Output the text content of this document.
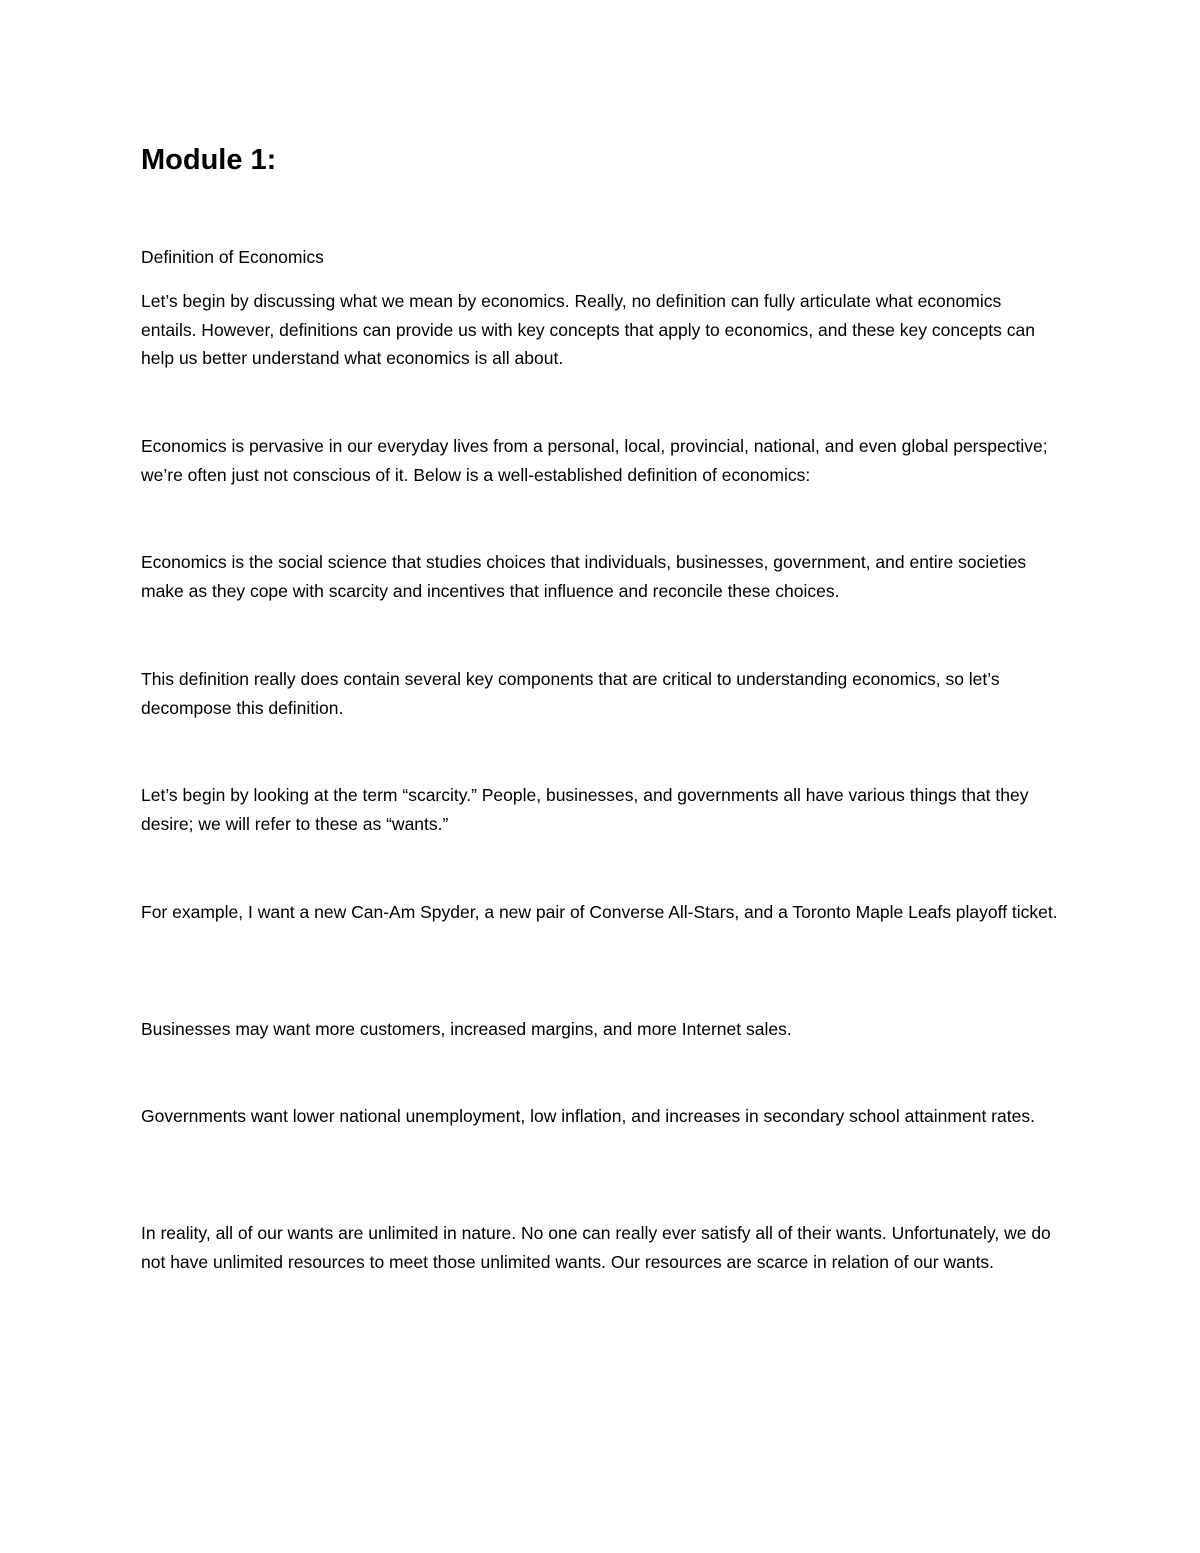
Module 1:

Definition of Economics

Let’s begin by discussing what we mean by economics. Really, no definition can fully articulate what economics entails. However, definitions can provide us with key concepts that apply to economics, and these key concepts can help us better understand what economics is all about.

Economics is pervasive in our everyday lives from a personal, local, provincial, national, and even global perspective; we’re often just not conscious of it. Below is a well-established definition of economics:

Economics is the social science that studies choices that individuals, businesses, government, and entire societies make as they cope with scarcity and incentives that influence and reconcile these choices.

This definition really does contain several key components that are critical to understanding economics, so let’s decompose this definition.

Let’s begin by looking at the term “scarcity.” People, businesses, and governments all have various things that they desire; we will refer to these as “wants.”

For example, I want a new Can-Am Spyder, a new pair of Converse All-Stars, and a Toronto Maple Leafs playoff ticket.

Businesses may want more customers, increased margins, and more Internet sales.

Governments want lower national unemployment, low inflation, and increases in secondary school attainment rates.

In reality, all of our wants are unlimited in nature. No one can really ever satisfy all of their wants. Unfortunately, we do not have unlimited resources to meet those unlimited wants. Our resources are scarce in relation of our wants.
